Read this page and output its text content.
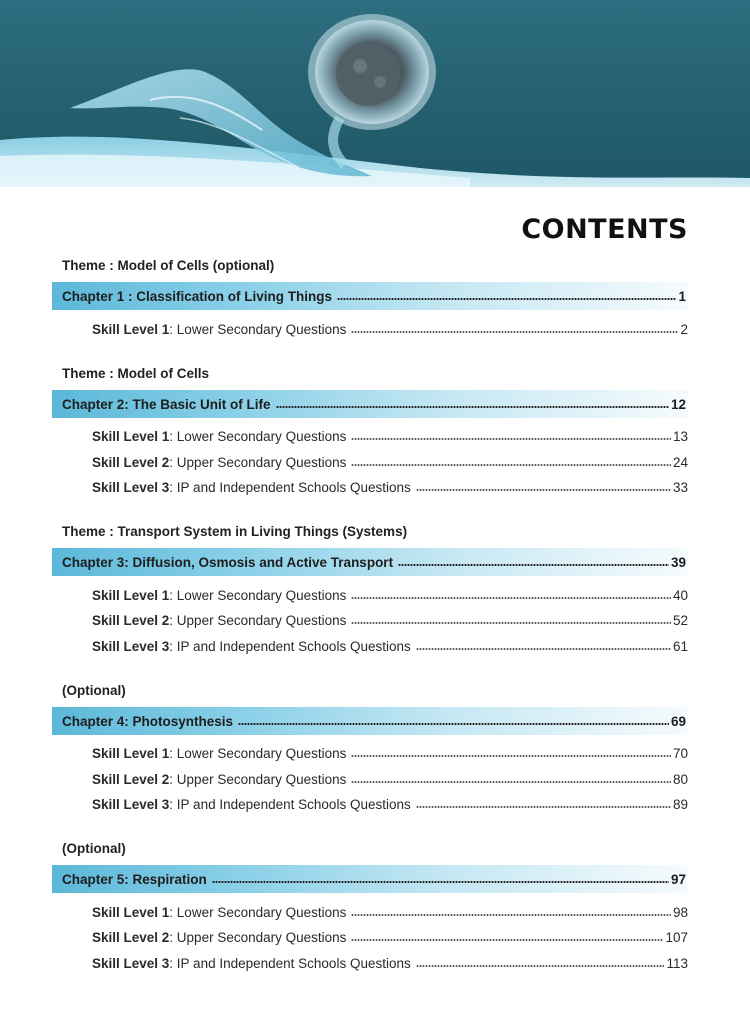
CONTENTS
Theme : Model of Cells (optional)
Chapter 1 : Classification of Living Things	1
Skill Level 1 : Lower Secondary Questions	2
Theme : Model of Cells
Chapter 2: The Basic Unit of Life	12
Skill Level 1 : Lower Secondary Questions	13
Skill Level 2 : Upper Secondary Questions	24
Skill Level 3 : IP and Independent Schools Questions	33
Theme : Transport System in Living Things (Systems)
Chapter 3: Diffusion, Osmosis and Active Transport	39
Skill Level 1 : Lower Secondary Questions	40
Skill Level 2 : Upper Secondary Questions	52
Skill Level 3 : IP and Independent Schools Questions	61
(Optional)
Chapter 4: Photosynthesis	69
Skill Level 1 : Lower Secondary Questions	70
Skill Level 2 : Upper Secondary Questions	80
Skill Level 3 : IP and Independent Schools Questions	89
(Optional)
Chapter 5: Respiration	97
Skill Level 1 : Lower Secondary Questions	98
Skill Level 2 : Upper Secondary Questions	107
Skill Level 3 : IP and Independent Schools Questions	113
